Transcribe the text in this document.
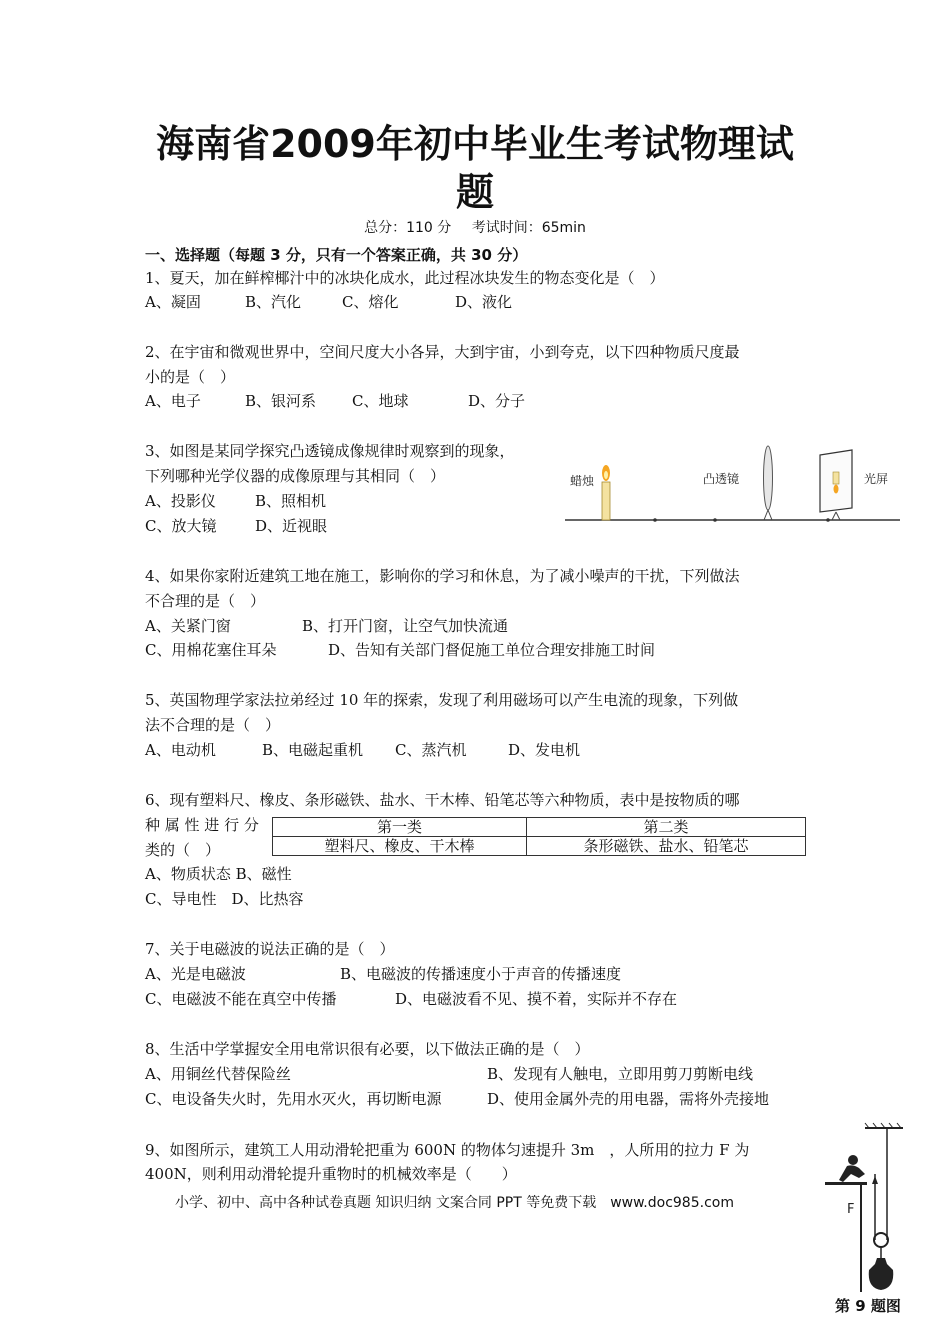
海南省2009年初中毕业生考试物理试
题
总分：110 分 考试时间：65min
一、选择题（每题 3 分，只有一个答案正确，共 30 分）
1、夏天，加在鲜榨椰汁中的冰块化成水，此过程冰块发生的物态变化是（　）
A、凝固	B、汽化	C、熔化	D、液化
2、在宇宙和微观世界中，空间尺度大小各异，大到宇宙，小到夸克，以下四种物质尺度最
小的是（　）
A、电子	B、银河系 C、地球	D、分子
3、如图是某同学探究凸透镜成像规律时观察到的现象，
下列哪种光学仪器的成像原理与其相同（　）
A、投影仪	B、照相机
C、放大镜	D、近视眼
蜡烛	凸透镜	光屏
4、如果你家附近建筑工地在施工，影响你的学习和休息，为了减小噪声的干扰，下列做法
不合理的是（　）
A、关紧门窗	B、打开门窗，让空气加快流通
C、用棉花塞住耳朵	D、告知有关部门督促施工单位合理安排施工时间
5、英国物理学家法拉弟经过 10 年的探索，发现了利用磁场可以产生电流的现象，下列做
法不合理的是（　）
A、电动机	B、电磁起重机 C、蒸汽机	D、发电机
6、现有塑料尺、橡皮、条形磁铁、盐水、干木棒、铅笔芯等六种物质，表中是按物质的哪
种 属 性 进 行 分
类的（　）
第一类	第二类
塑料尺、橡皮、干木棒	条形磁铁、盐水、铅笔芯
A、物质状态 B、磁性
C、导电性　D、比热容
7、关于电磁波的说法正确的是（　）
A、光是电磁波	B、电磁波的传播速度小于声音的传播速度
C、电磁波不能在真空中传播	D、电磁波看不见、摸不着，实际并不存在
8、生活中学掌握安全用电常识很有必要，以下做法正确的是（　）
A、用铜丝代替保险丝	B、发现有人触电，立即用剪刀剪断电线
C、电设备失火时，先用水灭火，再切断电源	D、使用金属外壳的用电器，需将外壳接地
9、如图所示，建筑工人用动滑轮把重为 600N 的物体匀速提升 3m　，人所用的拉力 F 为
400N，则利用动滑轮提升重物时的机械效率是（　　）
F
第 9 题图
小学、初中、高中各种试卷真题 知识归纳 文案合同 PPT 等免费下载　www.doc985.com
